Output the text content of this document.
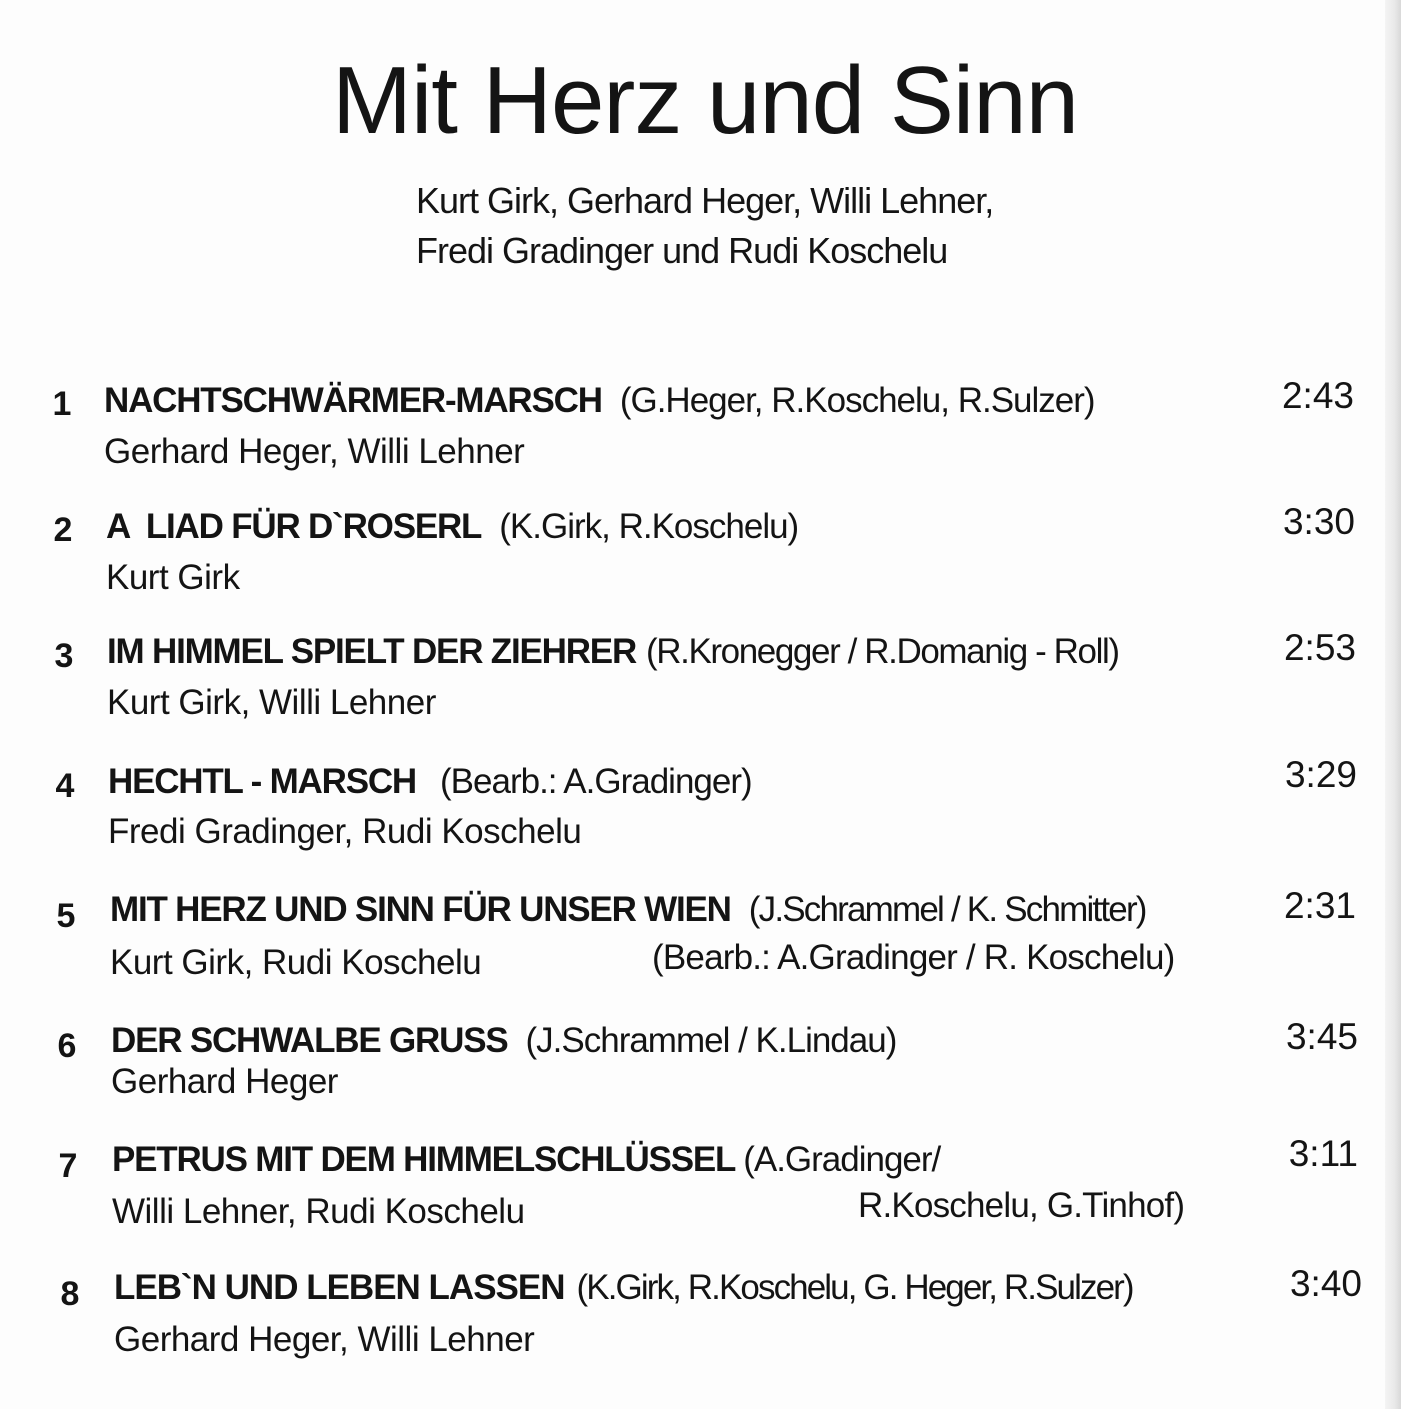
Mit Herz und Sinn
Kurt Girk, Gerhard Heger, Willi Lehner,
Fredi Gradinger und Rudi Koschelu
1 NACHTSCHWÄRMER-MARSCH (G.Heger, R.Koschelu, R.Sulzer)	2:43
Gerhard Heger, Willi Lehner
2 A  LIAD FÜR D`ROSERL (K.Girk, R.Koschelu)	3:30
Kurt Girk
3 IM HIMMEL SPIELT DER ZIEHRER (R.Kronegger / R.Domanig - Roll)	2:53
Kurt Girk, Willi Lehner
4 HECHTL - MARSCH (Bearb.: A.Gradinger)	3:29
Fredi Gradinger, Rudi Koschelu
5 MIT HERZ UND SINN FÜR UNSER WIEN (J.Schrammel / K. Schmitter)	2:31
Kurt Girk, Rudi Koschelu	(Bearb.: A.Gradinger / R. Koschelu)
6 DER SCHWALBE GRUSS (J.Schrammel / K.Lindau)	3:45
Gerhard Heger
7 PETRUS MIT DEM HIMMELSCHLÜSSEL (A.Gradinger/	3:11
Willi Lehner, Rudi Koschelu	R.Koschelu, G.Tinhof)
8 LEB`N UND LEBEN LASSEN (K.Girk, R.Koschelu, G. Heger, R.Sulzer)	3:40
Gerhard Heger, Willi Lehner
